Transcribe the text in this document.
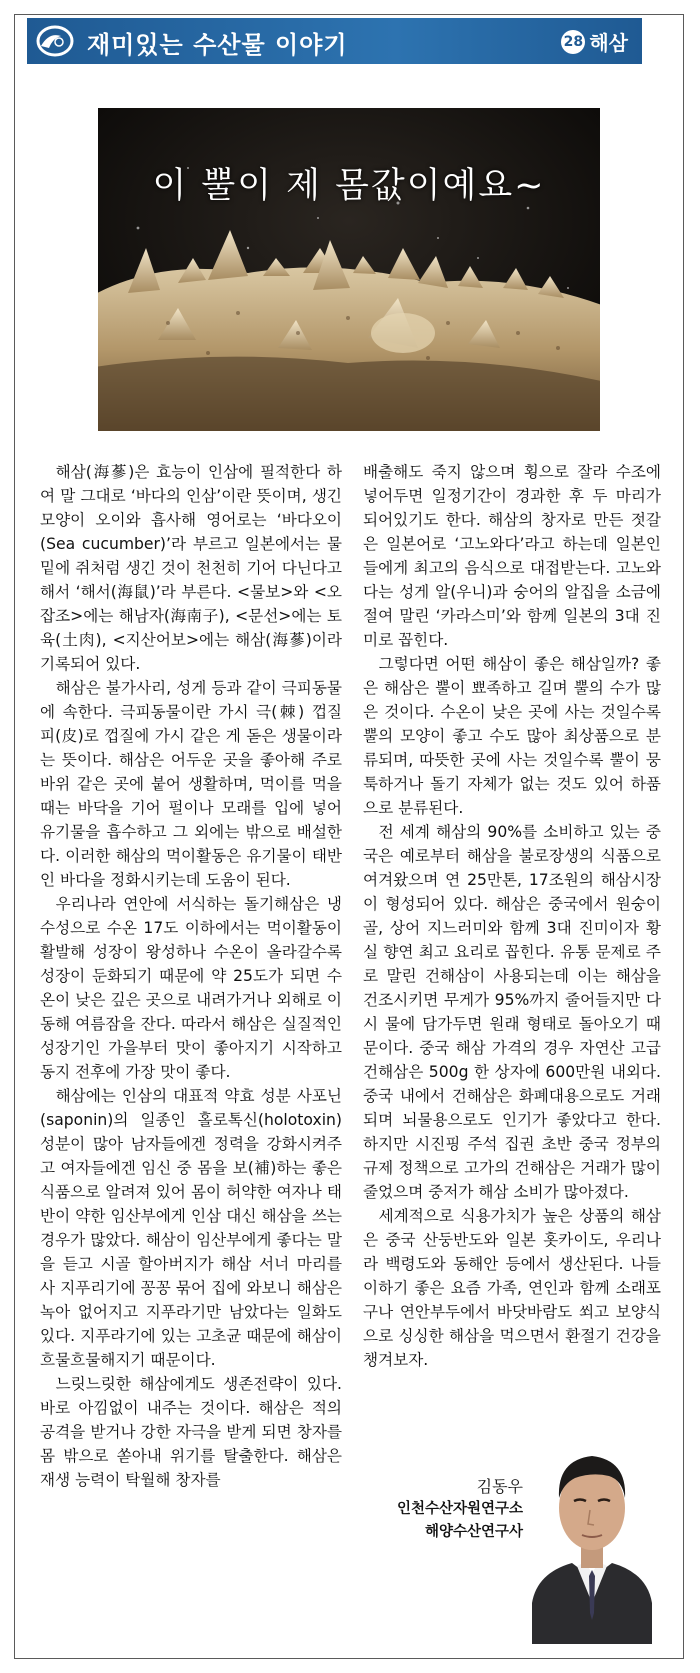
재미있는 수산물 이야기	28 해삼
이 뿔이 제 몸값이예요~

해삼(海蔘)은 효능이 인삼에 필적한다 하여 말 그대로 ‘바다의 인삼’이란 뜻이며, 생긴 모양이 오이와 흡사해 영어로는 ‘바다오이(Sea cucumber)’라 부르고 일본에서는 물 밑에 쥐처럼 생긴 것이 천천히 기어 다닌다고 해서 ‘해서(海鼠)’라 부른다. <물보>와 <오잡조>에는 해남자(海南子), <문선>에는 토육(土肉), <지산어보>에는 해삼(海蔘)이라 기록되어 있다.

해삼은 불가사리, 성게 등과 같이 극피동물에 속한다. 극피동물이란 가시 극(棘) 껍질 피(皮)로 껍질에 가시 같은 게 돋은 생물이라는 뜻이다. 해삼은 어두운 곳을 좋아해 주로 바위 같은 곳에 붙어 생활하며, 먹이를 먹을 때는 바닥을 기어 펄이나 모래를 입에 넣어 유기물을 흡수하고 그 외에는 밖으로 배설한다. 이러한 해삼의 먹이활동은 유기물이 태반인 바다을 정화시키는데 도움이 된다.

우리나라 연안에 서식하는 돌기해삼은 냉수성으로 수온 17도 이하에서는 먹이활동이 활발해 성장이 왕성하나 수온이 올라갈수록 성장이 둔화되기 때문에 약 25도가 되면 수온이 낮은 깊은 곳으로 내려가거나 외해로 이동해 여름잠을 잔다. 따라서 해삼은 실질적인 성장기인 가을부터 맛이 좋아지기 시작하고 동지 전후에 가장 맛이 좋다.

해삼에는 인삼의 대표적 약효 성분 사포닌(saponin)의 일종인 홀로톡신(holotoxin) 성분이 많아 남자들에겐 정력을 강화시켜주고 여자들에겐 임신 중 몸을 보(補)하는 좋은 식품으로 알려져 있어 몸이 허약한 여자나 태반이 약한 임산부에게 인삼 대신 해삼을 쓰는 경우가 많았다. 해삼이 임산부에게 좋다는 말을 듣고 시골 할아버지가 해삼 서너 마리를 사 지푸리기에 꽁꽁 묶어 집에 와보니 해삼은 녹아 없어지고 지푸라기만 남았다는 일화도 있다. 지푸라기에 있는 고초균 때문에 해삼이 흐물흐물해지기 때문이다.

느릿느릿한 해삼에게도 생존전략이 있다. 바로 아낌없이 내주는 것이다. 해삼은 적의 공격을 받거나 강한 자극을 받게 되면 창자를 몸 밖으로 쏟아내 위기를 탈출한다. 해삼은 재생 능력이 탁월해 창자를

배출해도 죽지 않으며 횡으로 잘라 수조에 넣어두면 일정기간이 경과한 후 두 마리가 되어있기도 한다. 해삼의 창자로 만든 젓갈은 일본어로 ‘고노와다’라고 하는데 일본인들에게 최고의 음식으로 대접받는다. 고노와다는 성게 알(우니)과 숭어의 알집을 소금에 절여 말린 ‘카라스미’와 함께 일본의 3대 진미로 꼽힌다.

그렇다면 어떤 해삼이 좋은 해삼일까? 좋은 해삼은 뿔이 뾰족하고 길며 뿔의 수가 많은 것이다. 수온이 낮은 곳에 사는 것일수록 뿔의 모양이 좋고 수도 많아 최상품으로 분류되며, 따뜻한 곳에 사는 것일수록 뿔이 뭉툭하거나 돌기 자체가 없는 것도 있어 하품으로 분류된다.

전 세계 해삼의 90%를 소비하고 있는 중국은 예로부터 해삼을 불로장생의 식품으로 여겨왔으며 연 25만톤, 17조원의 해삼시장이 형성되어 있다. 해삼은 중국에서 원숭이 골, 상어 지느러미와 함께 3대 진미이자 황실 향연 최고 요리로 꼽힌다. 유통 문제로 주로 말린 건해삼이 사용되는데 이는 해삼을 건조시키면 무게가 95%까지 줄어들지만 다시 물에 담가두면 원래 형태로 돌아오기 때문이다. 중국 해삼 가격의 경우 자연산 고급 건해삼은 500g 한 상자에 600만원 내외다. 중국 내에서 건해삼은 화폐대용으로도 거래되며 뇌물용으로도 인기가 좋았다고 한다. 하지만 시진핑 주석 집권 초반 중국 정부의 규제 정책으로 고가의 건해삼은 거래가 많이 줄었으며 중저가 해삼 소비가 많아졌다.

세계적으로 식용가치가 높은 상품의 해삼은 중국 산둥반도와 일본 홋카이도, 우리나라 백령도와 동해안 등에서 생산된다. 나들이하기 좋은 요즘 가족, 연인과 함께 소래포구나 연안부두에서 바닷바람도 쐬고 보양식으로 싱싱한 해삼을 먹으면서 환절기 건강을 챙겨보자.

김동우
인천수산자원연구소
해양수산연구사
